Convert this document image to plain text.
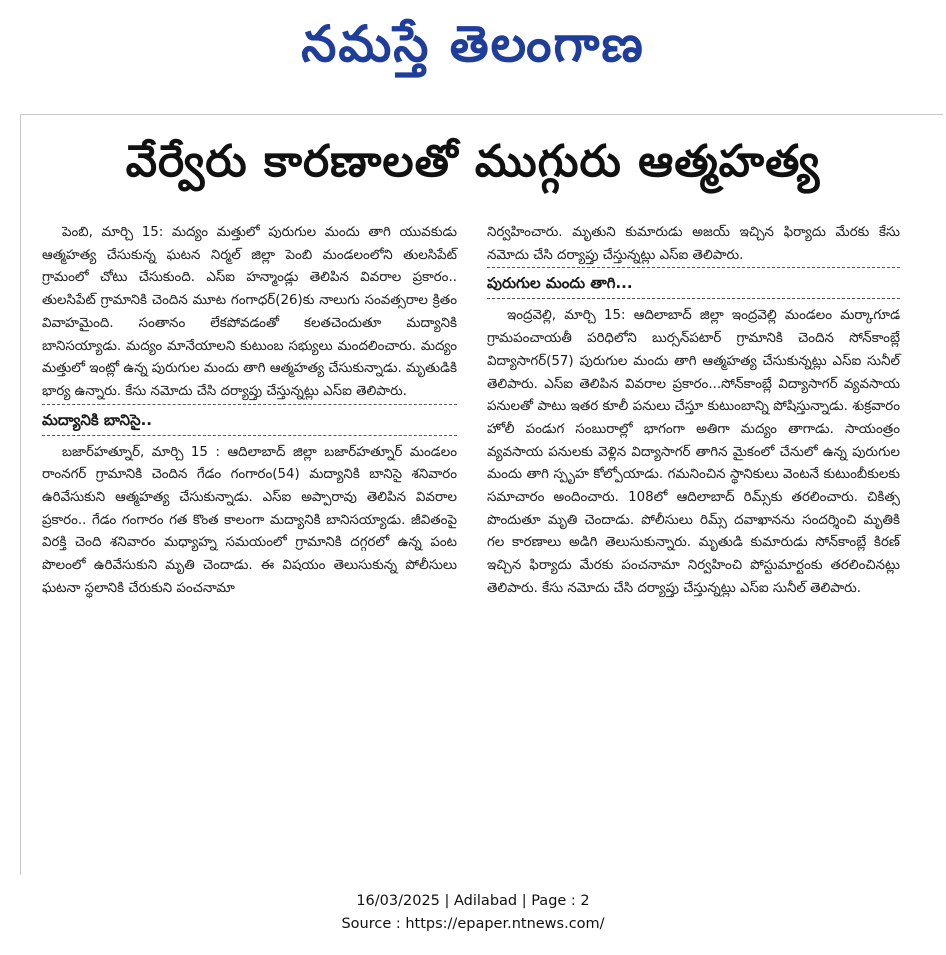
నమస్తే తెలంగాణ
వేర్వేరు కారణాలతో ముగ్గురు ఆత్మహత్య

పెంబి, మార్చి 15: మద్యం మత్తులో పురుగుల మందు తాగి యువకుడు ఆత్మహత్య చేసుకున్న ఘటన నిర్మల్ జిల్లా పెంబి మండలంలోని తులసిపేట్ గ్రామంలో చోటు చేసుకుంది. ఎస్ఐ హన్మాండ్లు తెలిపిన వివరాల ప్రకారం.. తులసిపేట్ గ్రామానికి చెందిన మూట గంగాధర్(26)కు నాలుగు సంవత్సరాల క్రితం వివాహమైంది. సంతానం లేకపోవడంతో కలతచెందుతూ మద్యానికి బానిసయ్యాడు. మద్యం మానేయాలని కుటుంబ సభ్యులు మందలించారు. మద్యం మత్తులో ఇంట్లో ఉన్న పురుగుల మందు తాగి ఆత్మహత్య చేసుకున్నాడు. మృతుడికి భార్య ఉన్నారు. కేసు నమోదు చేసి దర్యాప్తు చేస్తున్నట్లు ఎస్ఐ తెలిపారు.

మద్యానికి బానిసై..

బజార్‌హత్నూర్, మార్చి 15 : ఆదిలాబాద్ జిల్లా బజార్‌హత్నూర్ మండలం రాంనగర్ గ్రామానికి చెందిన గేడం గంగారం(54) మద్యానికి బానిసై శనివారం ఉరివేసుకుని ఆత్మహత్య చేసుకున్నాడు. ఎస్ఐ అప్పారావు తెలిపిన వివరాల ప్రకారం.. గేడం గంగారం గత కొంత కాలంగా మద్యానికి బానిసయ్యాడు. జీవితంపై విరక్తి చెంది శనివారం మధ్యాహ్న సమయంలో గ్రామానికి దగ్గరలో ఉన్న పంట పొలంలో ఉరివేసుకుని మృతి చెందాడు. ఈ విషయం తెలుసుకున్న పోలీసులు ఘటనా స్థలానికి చేరుకుని పంచనామా

నిర్వహించారు. మృతుని కుమారుడు అజయ్ ఇచ్చిన ఫిర్యాదు మేరకు కేసు నమోదు చేసి దర్యాప్తు చేస్తున్నట్లు ఎస్ఐ తెలిపారు.

పురుగుల మందు తాగి...

ఇంద్రవెల్లి, మార్చి 15: ఆదిలాబాద్ జిల్లా ఇంద్రవెల్లి మండలం మర్కాగూడ గ్రామపంచాయతీ పరిధిలోని బుర్సన్‌పటార్ గ్రామానికి చెందిన సోన్‌కాంబ్లే విద్యాసాగర్(57) పురుగుల మందు తాగి ఆత్మహత్య చేసుకున్నట్లు ఎస్ఐ సునీల్ తెలిపారు. ఎస్ఐ తెలిపిన వివరాల ప్రకారం...సోన్‌కాంబ్లే విద్యాసాగర్ వ్యవసాయ పనులతో పాటు ఇతర కూలీ పనులు చేస్తూ కుటుంబాన్ని పోషిస్తున్నాడు. శుక్రవారం హోలీ పండుగ సంబురాల్లో భాగంగా అతిగా మద్యం తాగాడు. సాయంత్రం వ్యవసాయ పనులకు వెళ్లిన విద్యాసాగర్ తాగిన మైకంలో చేనులో ఉన్న పురుగుల మందు తాగి స్పృహ కోల్పోయాడు. గమనించిన స్థానికులు వెంటనే కుటుంబీకులకు సమాచారం అందించారు. 108లో ఆదిలాబాద్ రిమ్స్‌కు తరలించారు. చికిత్స పొందుతూ మృతి చెందాడు. పోలీసులు రిమ్స్ దవాఖానను సందర్శించి మృతికి గల కారణాలు అడిగి తెలుసుకున్నారు. మృతుడి కుమారుడు సోన్‌కాంబ్లే కిరణ్ ఇచ్చిన ఫిర్యాదు మేరకు పంచనామా నిర్వహించి పోస్టుమార్టంకు తరలించినట్లు తెలిపారు. కేసు నమోదు చేసి దర్యాప్తు చేస్తున్నట్లు ఎస్ఐ సునీల్ తెలిపారు.

16/03/2025 | Adilabad | Page : 2
Source : https://epaper.ntnews.com/
